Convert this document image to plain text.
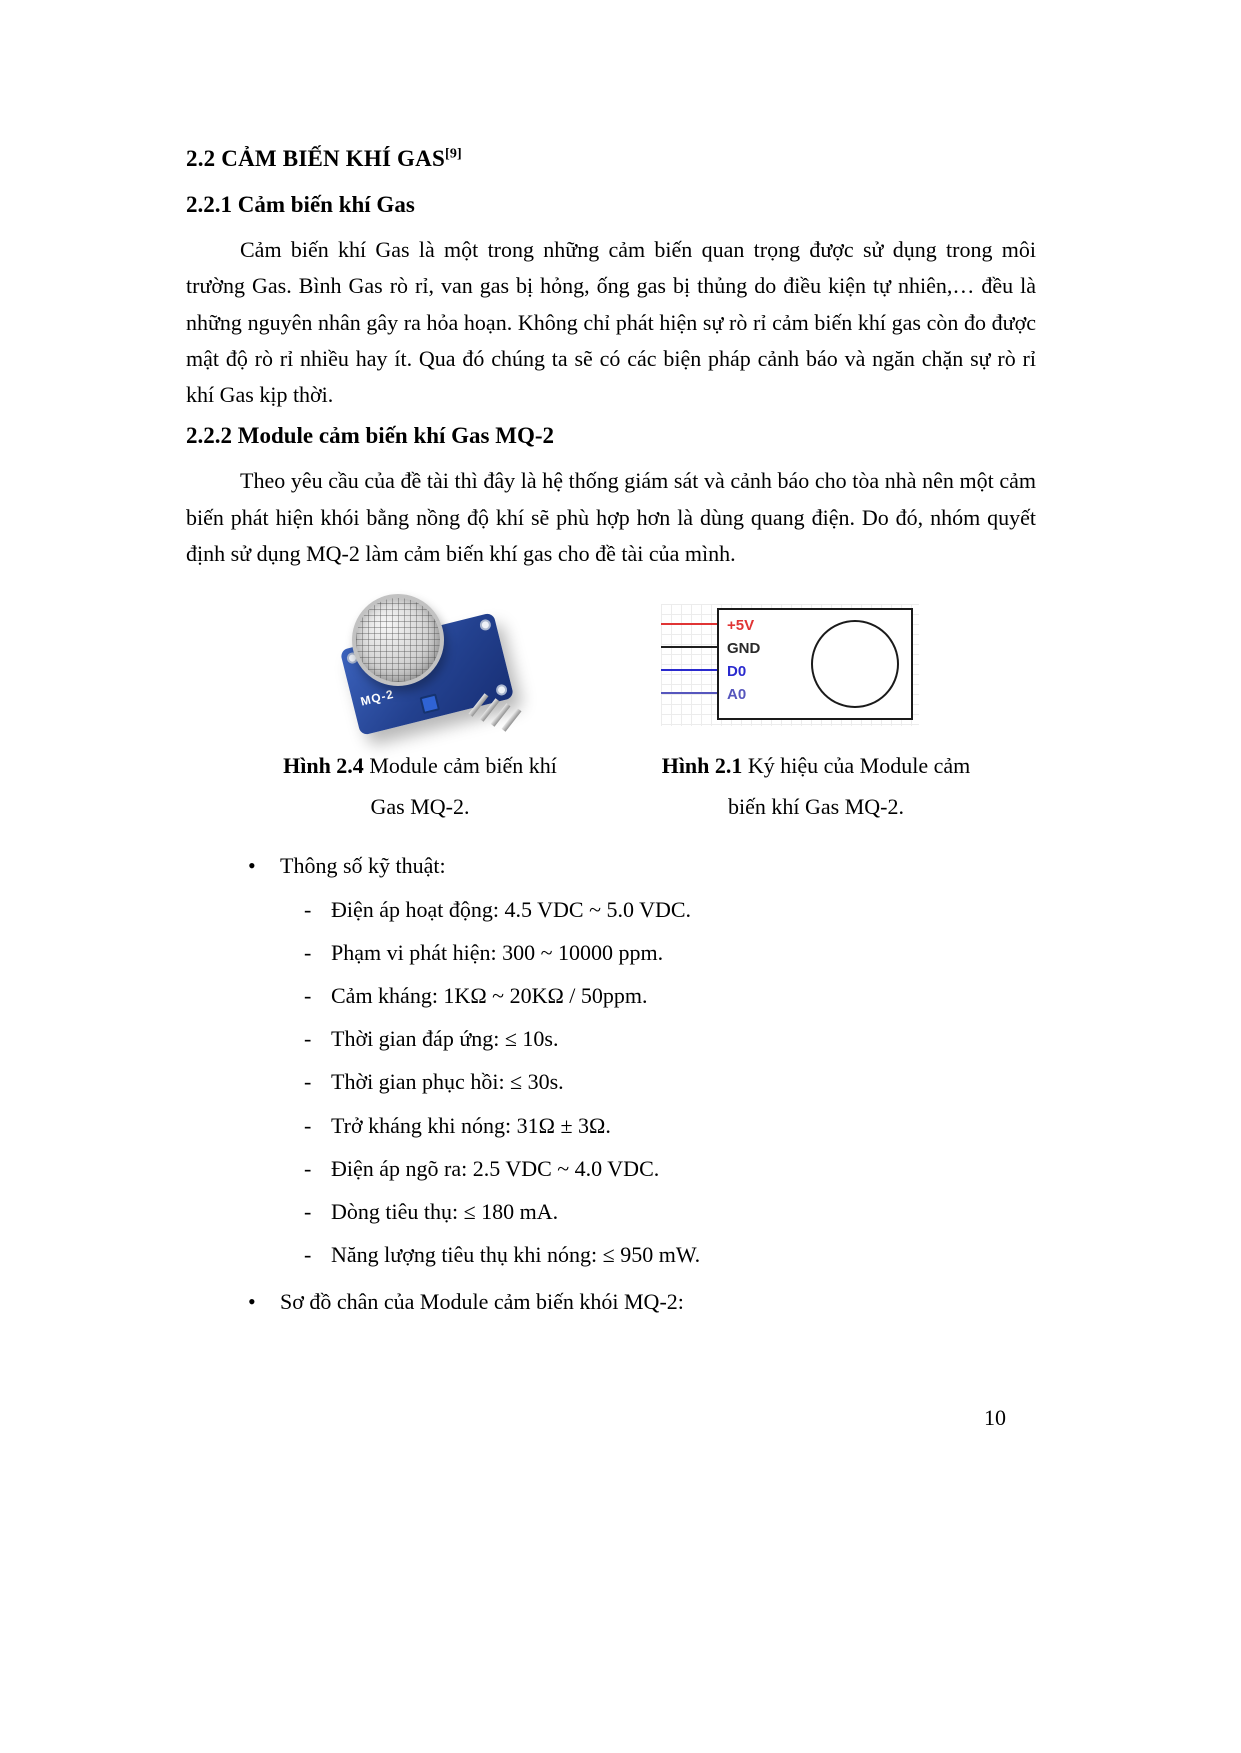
2.2 CẢM BIẾN KHÍ GAS[9]
2.2.1 Cảm biến khí Gas

Cảm biến khí Gas là một trong những cảm biến quan trọng được sử dụng trong môi trường Gas. Bình Gas rò rỉ, van gas bị hỏng, ống gas bị thủng do điều kiện tự nhiên,… đều là những nguyên nhân gây ra hỏa hoạn. Không chỉ phát hiện sự rò rỉ cảm biến khí gas còn đo được mật độ rò rỉ nhiều hay ít. Qua đó chúng ta sẽ có các biện pháp cảnh báo và ngăn chặn sự rò rỉ khí Gas kịp thời.

2.2.2 Module cảm biến khí Gas MQ-2

Theo yêu cầu của đề tài thì đây là hệ thống giám sát và cảnh báo cho tòa nhà nên một cảm biến phát hiện khói bằng nồng độ khí sẽ phù hợp hơn là dùng quang điện. Do đó, nhóm quyết định sử dụng MQ-2 làm cảm biến khí gas cho đề tài của mình.

MQ-2
+5V
GND
D0
A0
Hình 2.4 Module cảm biến khí
Gas MQ-2.
Hình 2.1 Ký hiệu của Module cảm
biến khí Gas MQ-2.
•	Thông số kỹ thuật:
- Điện áp hoạt động: 4.5 VDC ~ 5.0 VDC.
- Phạm vi phát hiện: 300 ~ 10000 ppm.
- Cảm kháng: 1KΩ ~ 20KΩ / 50ppm.
- Thời gian đáp ứng: ≤ 10s.
- Thời gian phục hồi: ≤ 30s.
- Trở kháng khi nóng: 31Ω ± 3Ω.
- Điện áp ngõ ra: 2.5 VDC ~ 4.0 VDC.
- Dòng tiêu thụ: ≤ 180 mA.
- Năng lượng tiêu thụ khi nóng: ≤ 950 mW.
•	Sơ đồ chân của Module cảm biến khói MQ-2:
10
